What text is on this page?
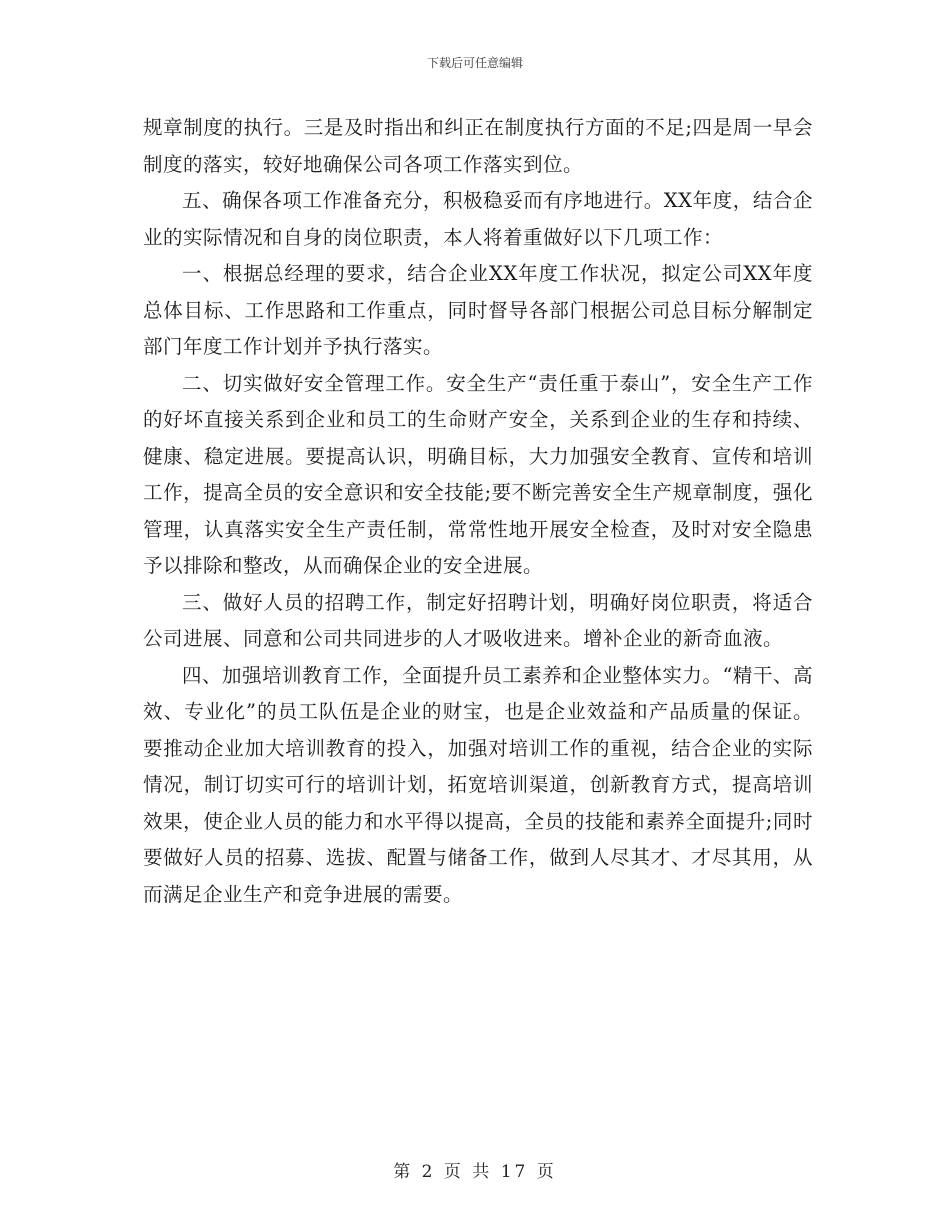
下载后可任意编辑

规章制度的执行。三是及时指出和纠正在制度执行方面的不足;四是周一早会制度的落实，较好地确保公司各项工作落实到位。

五、确保各项工作准备充分，积极稳妥而有序地进行。XX年度，结合企业的实际情况和自身的岗位职责，本人将着重做好以下几项工作：

一、根据总经理的要求，结合企业XX年度工作状况，拟定公司XX年度总体目标、工作思路和工作重点，同时督导各部门根据公司总目标分解制定部门年度工作计划并予执行落实。

二、切实做好安全管理工作。安全生产“责任重于泰山”，安全生产工作的好坏直接关系到企业和员工的生命财产安全，关系到企业的生存和持续、健康、稳定进展。要提高认识，明确目标，大力加强安全教育、宣传和培训工作，提高全员的安全意识和安全技能;要不断完善安全生产规章制度，强化管理，认真落实安全生产责任制，常常性地开展安全检查，及时对安全隐患予以排除和整改，从而确保企业的安全进展。

三、做好人员的招聘工作，制定好招聘计划，明确好岗位职责，将适合公司进展、同意和公司共同进步的人才吸收进来。增补企业的新奇血液。

四、加强培训教育工作，全面提升员工素养和企业整体实力。“精干、高效、专业化”的员工队伍是企业的财宝，也是企业效益和产品质量的保证。要推动企业加大培训教育的投入，加强对培训工作的重视，结合企业的实际情况，制订切实可行的培训计划，拓宽培训渠道，创新教育方式，提高培训效果，使企业人员的能力和水平得以提高，全员的技能和素养全面提升;同时要做好人员的招募、选拔、配置与储备工作，做到人尽其才、才尽其用，从而满足企业生产和竞争进展的需要。

第 2 页 共 17 页
